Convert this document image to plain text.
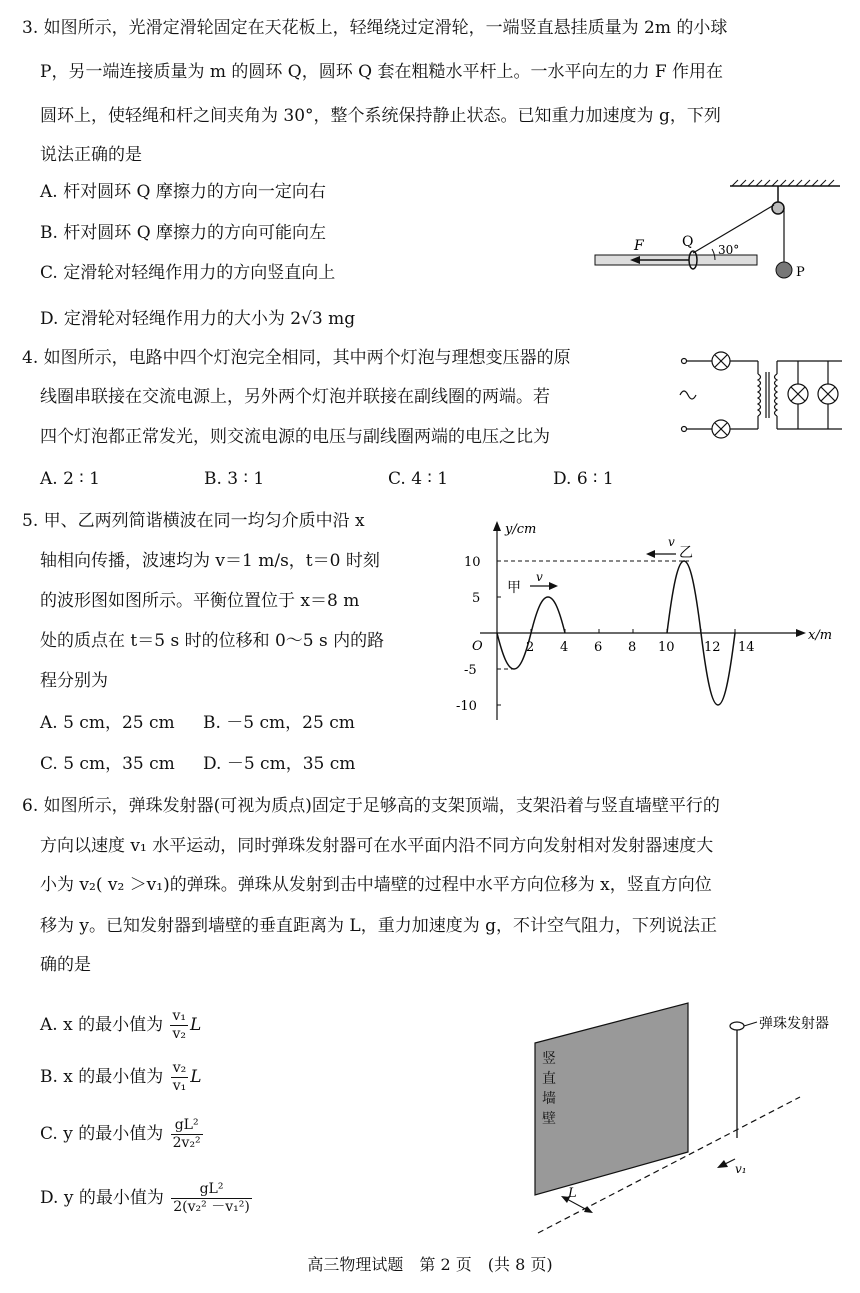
3. 如图所示，光滑定滑轮固定在天花板上，轻绳绕过定滑轮，一端竖直悬挂质量为 2m 的小球
P，另一端连接质量为 m 的圆环 Q，圆环 Q 套在粗糙水平杆上。一水平向左的力 F 作用在
圆环上，使轻绳和杆之间夹角为 30°，整个系统保持静止状态。已知重力加速度为 g，下列
说法正确的是
A. 杆对圆环 Q 摩擦力的方向一定向右
B. 杆对圆环 Q 摩擦力的方向可能向左
C. 定滑轮对轻绳作用力的方向竖直向上
D. 定滑轮对轻绳作用力的大小为 2√3 mg
F	Q 30°
P
4. 如图所示，电路中四个灯泡完全相同，其中两个灯泡与理想变压器的原
线圈串联接在交流电源上，另外两个灯泡并联接在副线圈的两端。若
四个灯泡都正常发光，则交流电源的电压与副线圈两端的电压之比为
A. 2 ∶ 1	B. 3 ∶ 1	C. 4 ∶ 1	D. 6 ∶ 1
5. 甲、乙两列简谐横波在同一均匀介质中沿 x
轴相向传播，波速均为 v＝1 m/s，t＝0 时刻
的波形图如图所示。平衡位置位于 x＝8 m
处的质点在 t＝5 s 时的位移和 0～5 s 内的路
程分别为
A. 5 cm，25 cm B. －5 cm，25 cm
C. 5 cm，35 cm D. －5 cm，35 cm
y/cm
x/m
O	2 4 6 8 10 12 14
10
5
-5
-10
甲
v
v
乙
6. 如图所示，弹珠发射器(可视为质点)固定于足够高的支架顶端，支架沿着与竖直墙壁平行的
方向以速度 v₁ 水平运动，同时弹珠发射器可在水平面内沿不同方向发射相对发射器速度大
小为 v₂( v₂ ＞v₁)的弹珠。弹珠从发射到击中墙壁的过程中水平方向位移为 x，竖直方向位
移为 y。已知发射器到墙壁的垂直距离为 L，重力加速度为 g，不计空气阻力，下列说法正
确的是
A. x 的最小值为 $\frac{\text{v₁}}{\text{v₂}}$ L
B. x 的最小值为 $\frac{\text{v₂}}{\text{v₁}}$ L
C. y 的最小值为 $\frac{\text{gL²}}{\text{2v₂²}}$
D. y 的最小值为 $\frac{\text{gL²}}{\text{2(v₂² －v₁²)}}$
竖
直
墙
壁
L
弹珠发射器
v₁
高三物理试题　第 2 页　(共 8 页)
